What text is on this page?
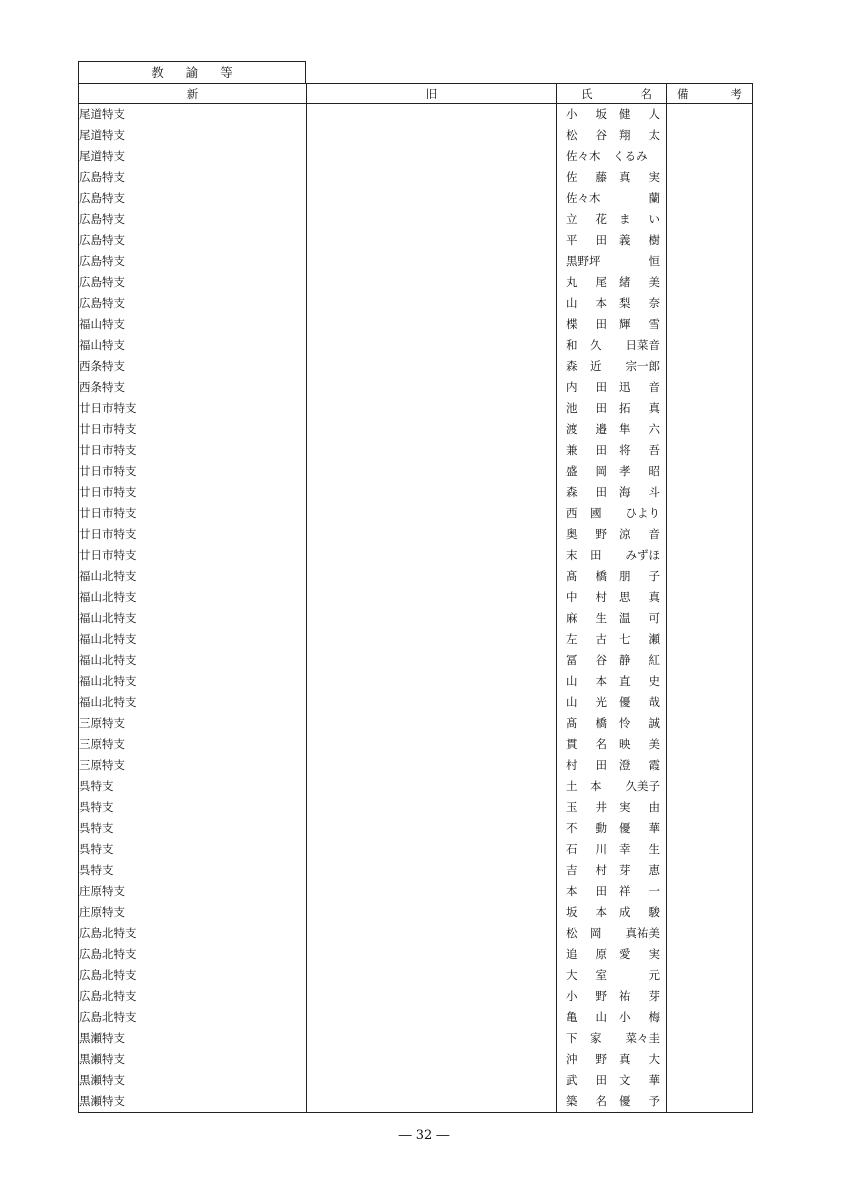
教諭等
新	旧	氏 名	備 考

尾道特支		小 坂 健 人	

尾道特支		松 谷 翔 太	

尾道特支		佐々木 くるみ	

広島特支		佐 藤 真 実	

広島特支		佐々木 蘭	

広島特支		立 花 ま い	

広島特支		平 田 義 樹	

広島特支		黒野坪 恒	

広島特支		丸 尾 緒 美	

広島特支		山 本 梨 奈	

福山特支		楪 田 輝 雪	

福山特支		和 久 日菜音	

西条特支		森 近 宗一郎	

西条特支		内 田 迅 音	

廿日市特支		池 田 拓 真	

廿日市特支		渡 邉 隼 六	

廿日市特支		兼 田 将 吾	

廿日市特支		盛 岡 孝 昭	

廿日市特支		森 田 海 斗	

廿日市特支		西 國 ひより	

廿日市特支		奥 野 涼 音	

廿日市特支		末 田 みずほ	

福山北特支		髙 橋 朋 子	

福山北特支		中 村 思 真	

福山北特支		麻 生 温 可	

福山北特支		左 古 七 瀬	

福山北特支		冨 谷 静 紅	

福山北特支		山 本 直 史	

福山北特支		山 光 優 哉	

三原特支		髙 橋 怜 誠	

三原特支		貫 名 映 美	

三原特支		村 田 澄 霞	

呉特支		土 本 久美子	

呉特支		玉 井 実 由	

呉特支		不 動 優 華	

呉特支		石 川 幸 生	

呉特支		吉 村 芽 恵	

庄原特支		本 田 祥 一	

庄原特支		坂 本 成 駿	

広島北特支		松 岡 真祐美	

広島北特支		追 原 愛 実	

広島北特支		大 室 元	

広島北特支		小 野 祐 芽	

広島北特支		亀 山 小 梅	

黒瀬特支		下 家 菜々圭	

黒瀬特支		沖 野 真 大	

黒瀬特支		武 田 文 華	

黒瀬特支		築 名 優 予	

― 32 ―
